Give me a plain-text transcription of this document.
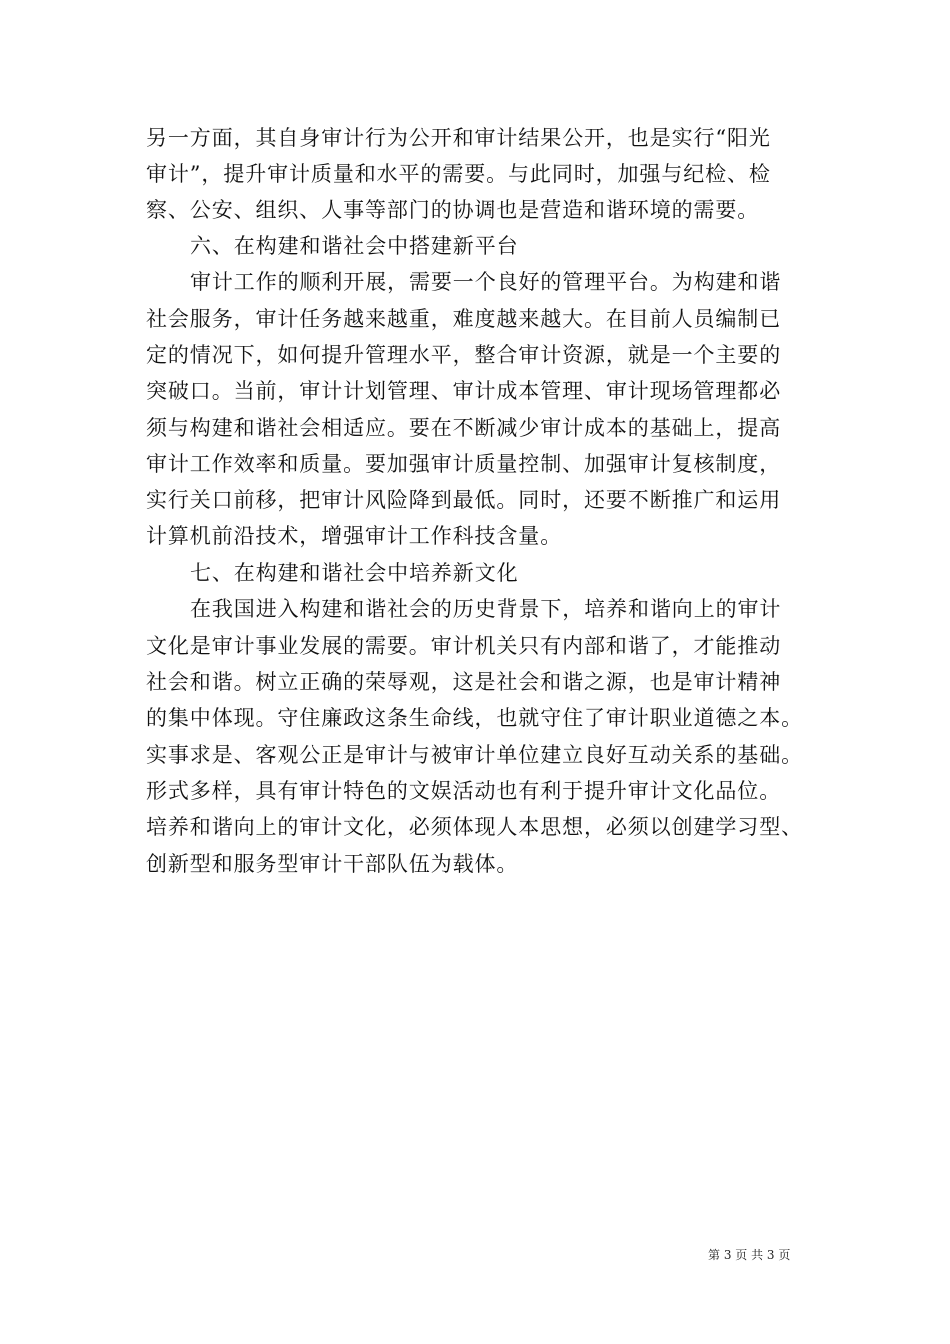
另一方面，其自身审计行为公开和审计结果公开，也是实行“阳光
审计”，提升审计质量和水平的需要。与此同时，加强与纪检、检
察、公安、组织、人事等部门的协调也是营造和谐环境的需要。
六、在构建和谐社会中搭建新平台
审计工作的顺利开展，需要一个良好的管理平台。为构建和谐
社会服务，审计任务越来越重，难度越来越大。在目前人员编制已
定的情况下，如何提升管理水平，整合审计资源，就是一个主要的
突破口。当前，审计计划管理、审计成本管理、审计现场管理都必
须与构建和谐社会相适应。要在不断减少审计成本的基础上，提高
审计工作效率和质量。要加强审计质量控制、加强审计复核制度，
实行关口前移，把审计风险降到最低。同时，还要不断推广和运用
计算机前沿技术，增强审计工作科技含量。
七、在构建和谐社会中培养新文化
在我国进入构建和谐社会的历史背景下，培养和谐向上的审计
文化是审计事业发展的需要。审计机关只有内部和谐了，才能推动
社会和谐。树立正确的荣辱观，这是社会和谐之源，也是审计精神
的集中体现。守住廉政这条生命线，也就守住了审计职业道德之本。
实事求是、客观公正是审计与被审计单位建立良好互动关系的基础。
形式多样，具有审计特色的文娱活动也有利于提升审计文化品位。
培养和谐向上的审计文化，必须体现人本思想，必须以创建学习型、
创新型和服务型审计干部队伍为载体。
第 3 页 共 3 页
